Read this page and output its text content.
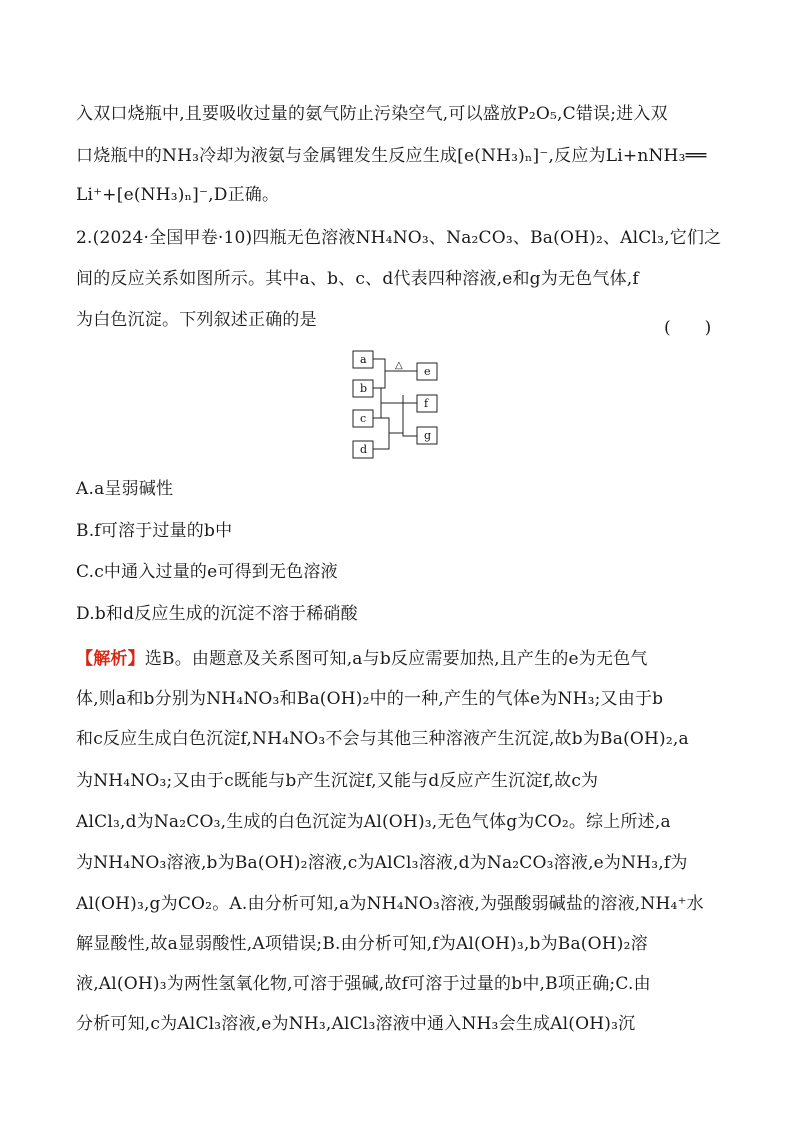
入双口烧瓶中,且要吸收过量的氨气防止污染空气,可以盛放P₂O₅,C错误;进入双
口烧瓶中的NH₃冷却为液氨与金属锂发生反应生成[e(NH₃)ₙ]⁻,反应为Li+nNH₃══
Li⁺+[e(NH₃)ₙ]⁻,D正确。
2.(2024·全国甲卷·10)四瓶无色溶液NH₄NO₃、Na₂CO₃、Ba(OH)₂、AlCl₃,它们之
间的反应关系如图所示。其中a、b、c、d代表四种溶液,e和g为无色气体,f
为白色沉淀。下列叙述正确的是
A.a呈弱碱性
B.f可溶于过量的b中
C.c中通入过量的e可得到无色溶液
D.b和d反应生成的沉淀不溶于稀硝酸
【解析】选B。由题意及关系图可知,a与b反应需要加热,且产生的e为无色气
体,则a和b分别为NH₄NO₃和Ba(OH)₂中的一种,产生的气体e为NH₃;又由于b
和c反应生成白色沉淀f,NH₄NO₃不会与其他三种溶液产生沉淀,故b为Ba(OH)₂,a
为NH₄NO₃;又由于c既能与b产生沉淀f,又能与d反应产生沉淀f,故c为
AlCl₃,d为Na₂CO₃,生成的白色沉淀为Al(OH)₃,无色气体g为CO₂。综上所述,a
为NH₄NO₃溶液,b为Ba(OH)₂溶液,c为AlCl₃溶液,d为Na₂CO₃溶液,e为NH₃,f为
Al(OH)₃,g为CO₂。A.由分析可知,a为NH₄NO₃溶液,为强酸弱碱盐的溶液,NH₄⁺水
解显酸性,故a显弱酸性,A项错误;B.由分析可知,f为Al(OH)₃,b为Ba(OH)₂溶
液,Al(OH)₃为两性氢氧化物,可溶于强碱,故f可溶于过量的b中,B项正确;C.由
分析可知,c为AlCl₃溶液,e为NH₃,AlCl₃溶液中通入NH₃会生成Al(OH)₃沉
(　　)
a
b
c
d
e
f
g
△
